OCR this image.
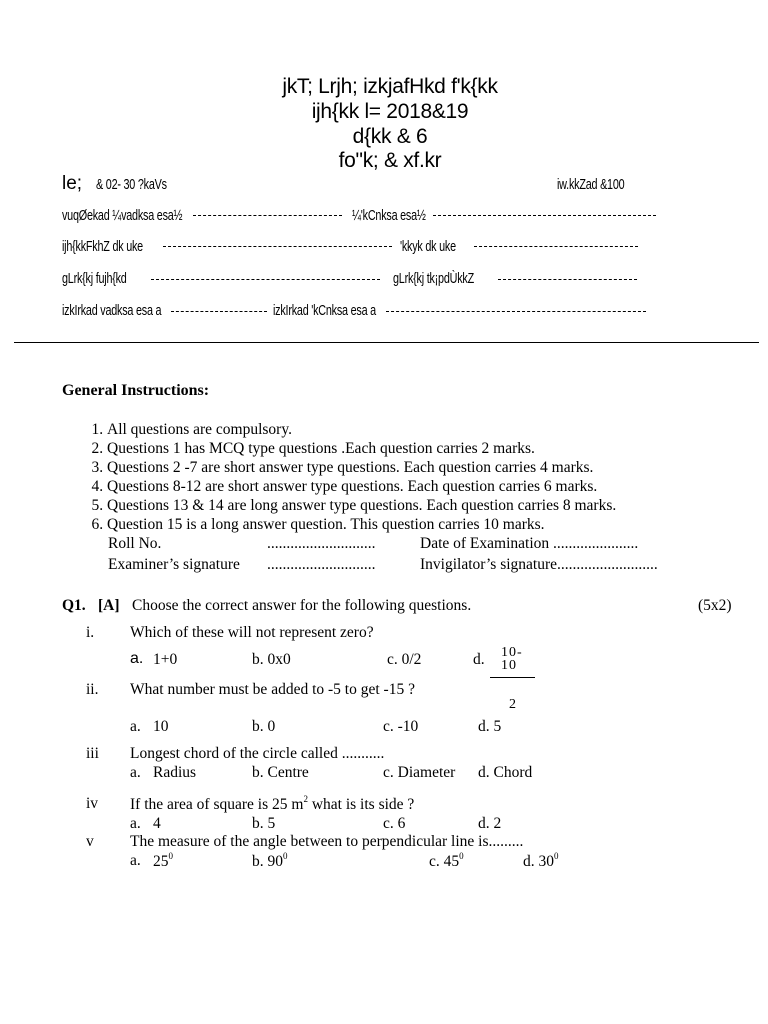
jkT; Lrjh; izkjafHkd f'k{kk
ijh{kk l= 2018&19
d{kk & 6
fo"k; & xf.kr
le; & 02- 30 ?kaVs	iw.kkZad &100
vuqØekad ¼vadksa esa½	¼'kCnksa esa½
ijh{kkFkhZ dk uke	'kkyk dk uke
gLrk{kj fujh{kd	gLrk{kj tk¡pdÙkkZ
izkIrkad vadksa esa a	izkIrkad 'kCnksa esa a
General Instructions:
1. All questions are compulsory.
2. Questions 1 has MCQ type questions .Each question carries 2 marks.
3. Questions 2 -7 are short answer type questions. Each question carries 4 marks.
4. Questions 8-12 are short answer type questions. Each question carries 6 marks.
5. Questions 13 & 14 are long answer type questions. Each question carries 8 marks.
6. Question 15 is a long answer question. This question carries 10 marks.
Roll No.	............................	Date of Examination ......................
Examiner’s signature ............................	Invigilator’s signature..........................
Q1. [A] Choose the correct answer for the following questions.	(5x2)
i. Which of these will not represent zero?
a. 1+0	b. 0x0	c. 0/2	d. 10-
10
2
ii. What number must be added to -5 to get -15 ?
a. 10	b. 0	c. -10	d. 5
iii Longest chord of the circle called ...........
a. Radius	b. Centre	c. Diameter d. Chord
iv If the area of square is 25 $m^2$ what is its side ?
a. 4	b. 5	c. 6	d. 2
v The measure of the angle between to perpendicular line is.........
a. $25^0$	b. $90^0$	c. $45^0$	d. $30^0$
